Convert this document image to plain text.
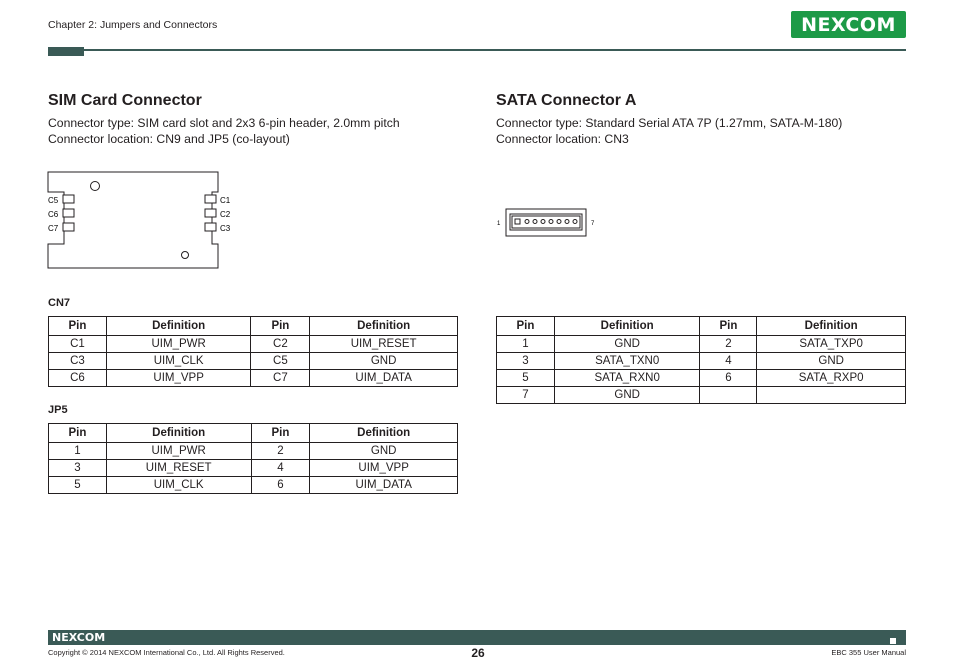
Chapter 2: Jumpers and Connectors	NEXCOM
SIM Card Connector
Connector type: SIM card slot and 2x3 6-pin header, 2.0mm pitch
Connector location: CN9 and JP5 (co-layout)
C5
C6
C7
C1
C2
C3
CN7
Pin	Definition	Pin	Definition
C1	UIM_PWR	C2	UIM_RESET
C3	UIM_CLK	C5	GND
C6	UIM_VPP	C7	UIM_DATA
JP5
Pin	Definition	Pin	Definition
1	UIM_PWR	2	GND
3	UIM_RESET	4	UIM_VPP
5	UIM_CLK	6	UIM_DATA
SATA Connector A
Connector type: Standard Serial ATA 7P (1.27mm, SATA-M-180)
Connector location: CN3
1	7
Pin	Definition	Pin	Definition
1	GND	2	SATA_TXP0
3	SATA_TXN0	4	GND
5	SATA_RXN0	6	SATA_RXP0
7	GND		
NEXCOM
Copyright © 2014 NEXCOM International Co., Ltd. All Rights Reserved.	26	EBC 355 User Manual
